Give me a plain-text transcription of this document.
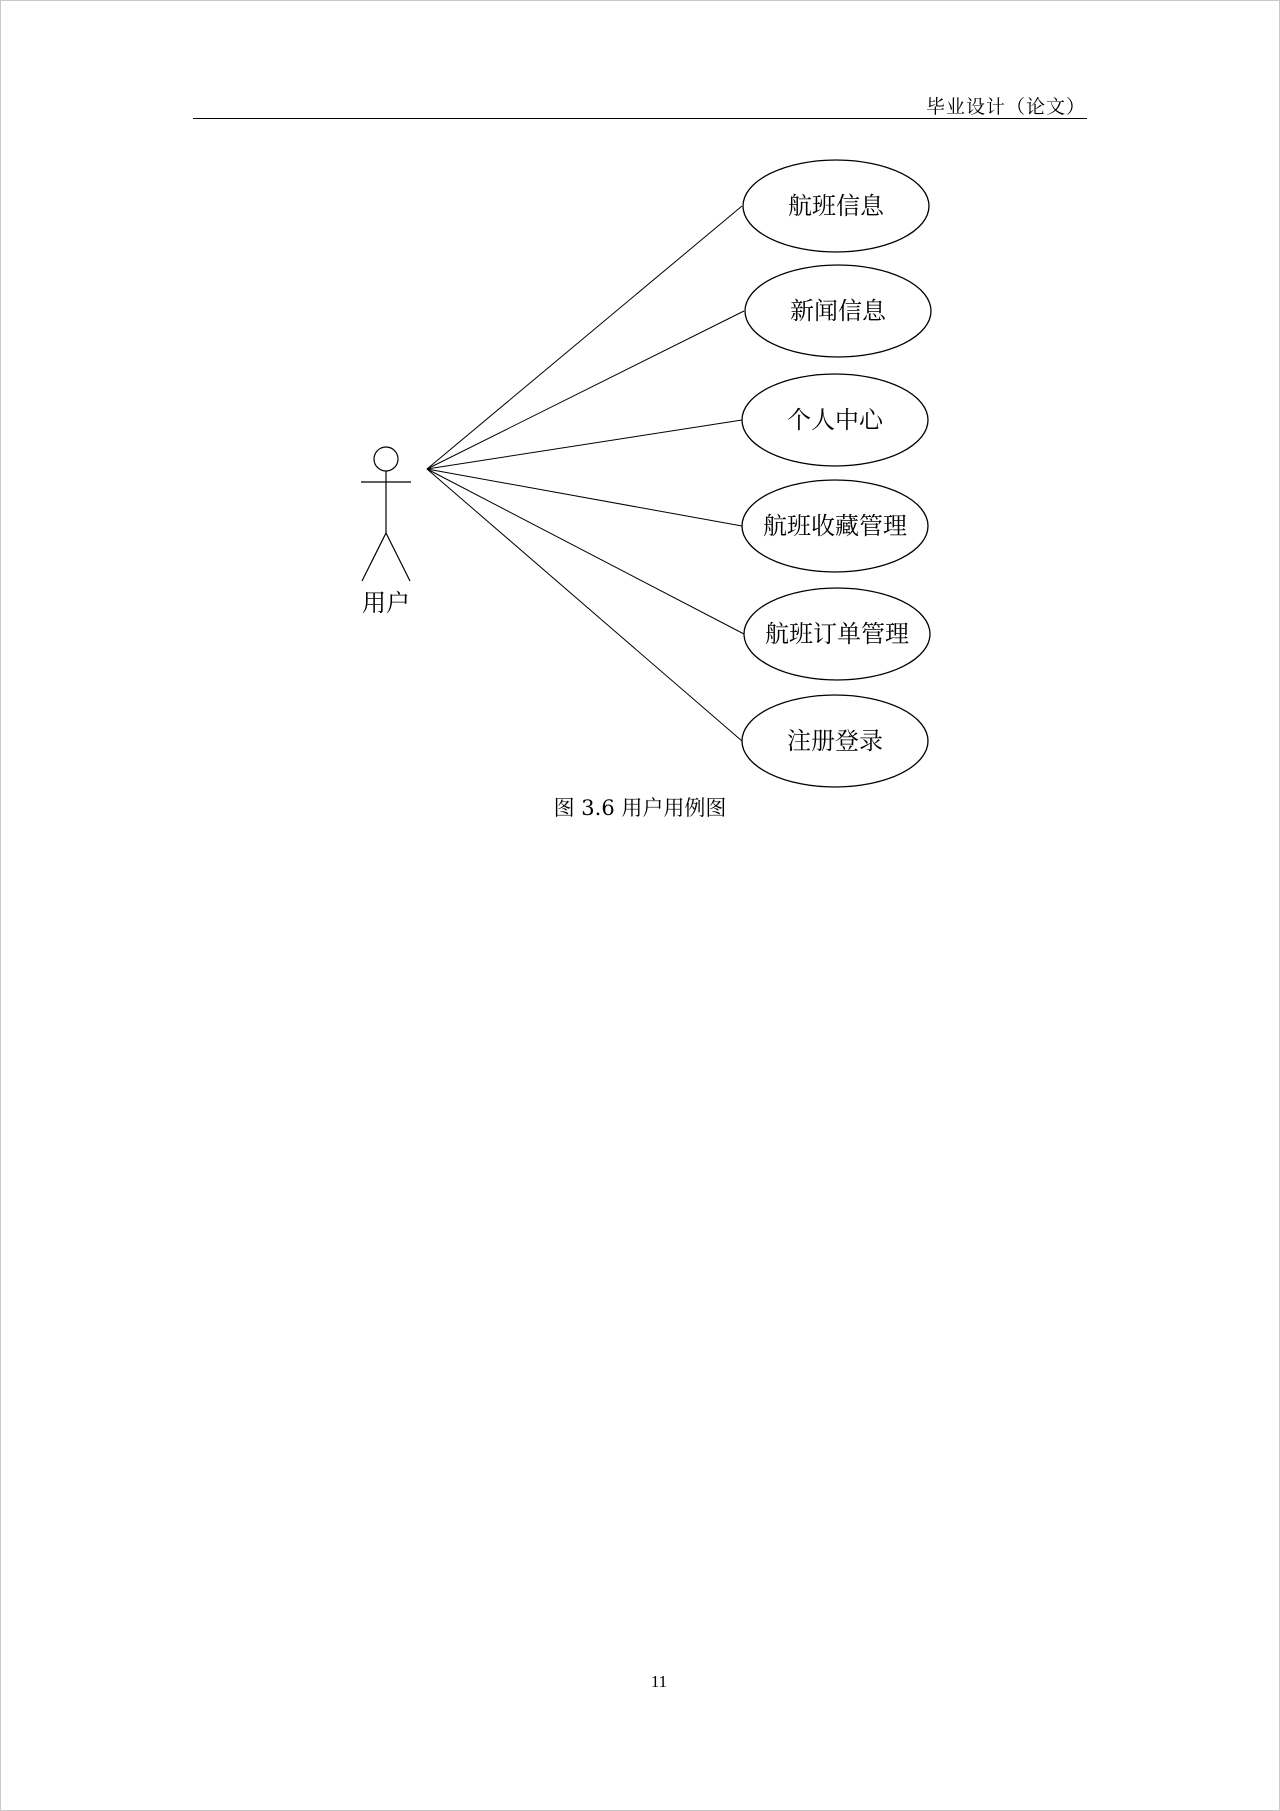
毕业设计（论文）
用户
航班信息
新闻信息
个人中心
航班收藏管理
航班订单管理
注册登录
图 3.6 用户用例图
11
